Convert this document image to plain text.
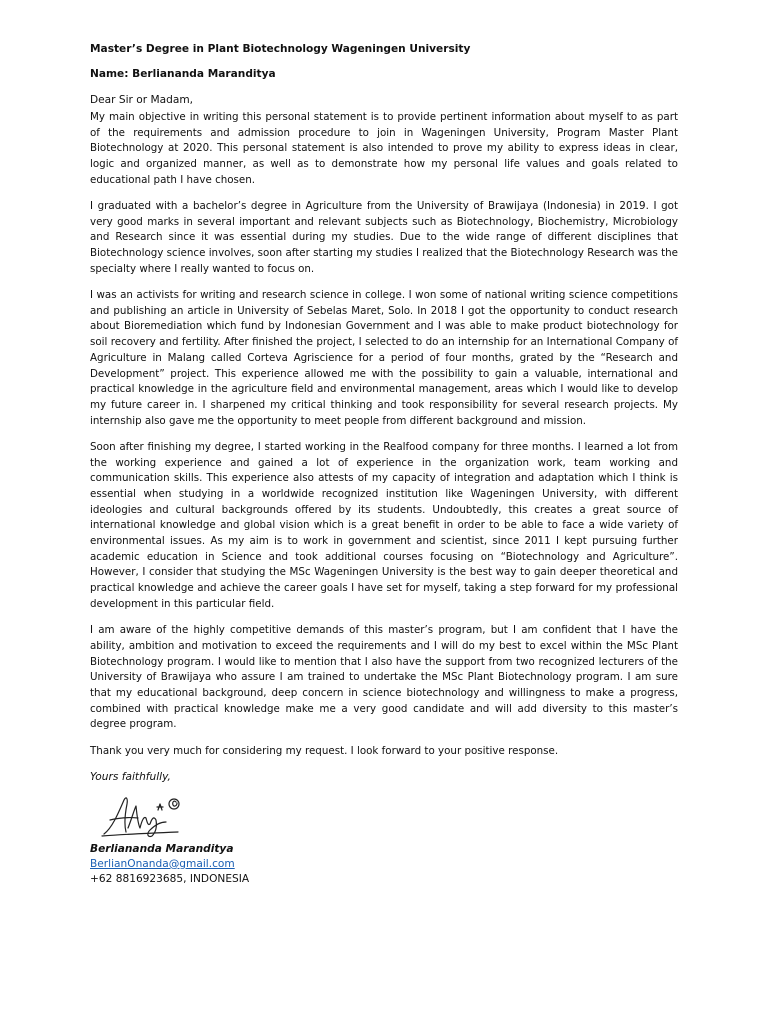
Master’s Degree in Plant Biotechnology Wageningen University

Name: Berliananda Maranditya

Dear Sir or Madam,

My main objective in writing this personal statement is to provide pertinent information about myself to as part of the requirements and admission procedure to join in Wageningen University, Program Master Plant Biotechnology at 2020. This personal statement is also intended to prove my ability to express ideas in clear, logic and organized manner, as well as to demonstrate how my personal life values and goals related to educational path I have chosen.

I graduated with a bachelor’s degree in Agriculture from the University of Brawijaya (Indonesia) in 2019. I got very good marks in several important and relevant subjects such as Biotechnology, Biochemistry, Microbiology and Research since it was essential during my studies. Due to the wide range of different disciplines that Biotechnology science involves, soon after starting my studies I realized that the Biotechnology Research was the specialty where I really wanted to focus on.

I was an activists for writing and research science in college. I won some of national writing science competitions and publishing an article in University of Sebelas Maret, Solo. In 2018 I got the opportunity to conduct research about Bioremediation which fund by Indonesian Government and I was able to make product biotechnology for soil recovery and fertility. After finished the project, I selected to do an internship for an International Company of Agriculture in Malang called Corteva Agriscience for a period of four months, grated by the “Research and Development” project. This experience allowed me with the possibility to gain a valuable, international and practical knowledge in the agriculture field and environmental management, areas which I would like to develop my future career in. I sharpened my critical thinking and took responsibility for several research projects. My internship also gave me the opportunity to meet people from different background and mission.

Soon after finishing my degree, I started working in the Realfood company for three months. I learned a lot from the working experience and gained a lot of experience in the organization work, team working and communication skills. This experience also attests of my capacity of integration and adaptation which I think is essential when studying in a worldwide recognized institution like Wageningen University, with different ideologies and cultural backgrounds offered by its students. Undoubtedly, this creates a great source of international knowledge and global vision which is a great benefit in order to be able to face a wide variety of environmental issues. As my aim is to work in government and scientist, since 2011 I kept pursuing further academic education in Science and took additional courses focusing on “Biotechnology and Agriculture”. However, I consider that studying the MSc Wageningen University is the best way to gain deeper theoretical and practical knowledge and achieve the career goals I have set for myself, taking a step forward for my professional development in this particular field.

I am aware of the highly competitive demands of this master’s program, but I am confident that I have the ability, ambition and motivation to exceed the requirements and I will do my best to excel within the MSc Plant Biotechnology program. I would like to mention that I also have the support from two recognized lecturers of the University of Brawijaya who assure I am trained to undertake the MSc Plant Biotechnology program. I am sure that my educational background, deep concern in science biotechnology and willingness to make a progress, combined with practical knowledge make me a very good candidate and will add diversity to this master’s degree program.

Thank you very much for considering my request. I look forward to your positive response.

Yours faithfully,

Berliananda Maranditya

BerlianOnanda@gmail.com

+62 8816923685, INDONESIA
